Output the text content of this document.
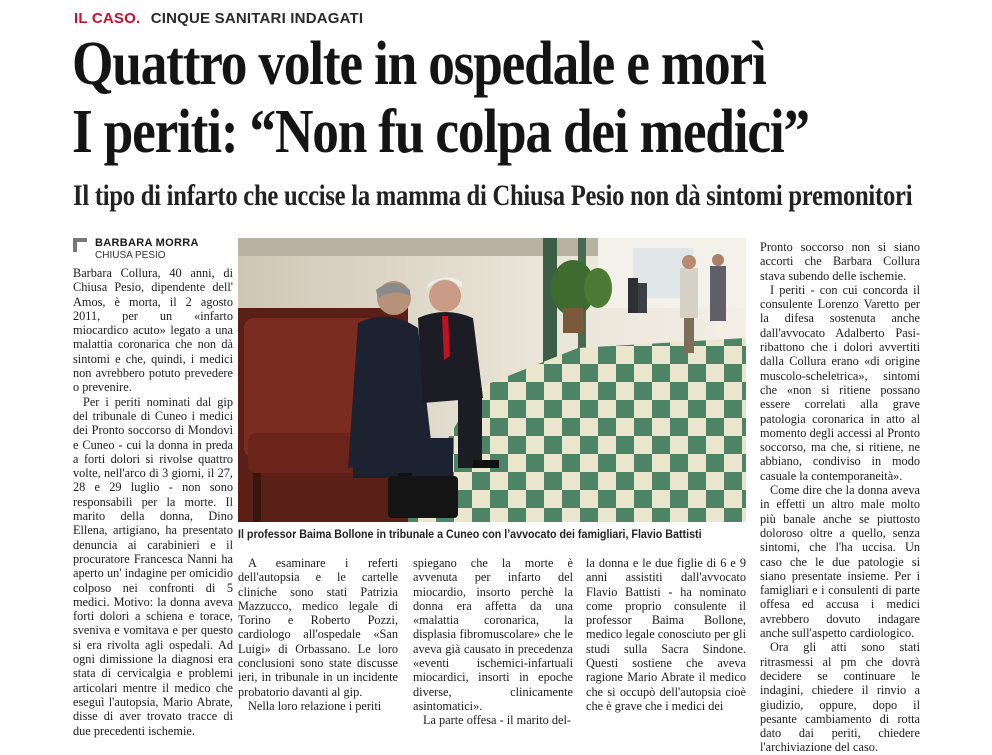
IL CASO. CINQUE SANITARI INDAGATI
Quattro volte in ospedale e morì
I periti: “Non fu colpa dei medici”
Il tipo di infarto che uccise la mamma di Chiusa Pesio non dà sintomi premonitori
BARBARA MORRA
CHIUSA PESIO

Barbara Collura, 40 anni, di Chiusa Pesio, dipendente dell' Amos, è morta, il 2 agosto 2011, per un «infarto miocardico acuto» legato a una malattia coronarica che non dà sintomi e che, quindi, i medici non avrebbero potuto prevedere o prevenire.

Per i periti nominati dal gip del tribunale di Cuneo i medici dei Pronto soccorso di Mondovì e Cuneo - cui la donna in preda a forti dolori si rivolse quattro volte, nell'arco di 3 giorni, il 27, 28 e 29 luglio - non sono responsabili per la morte. Il marito della donna, Dino Ellena, artigiano, ha presentato denuncia ai carabinieri e il procuratore Francesca Nanni ha aperto un' indagine per omicidio colposo nei confronti di 5 medici. Motivo: la donna aveva forti dolori a schiena e torace, sveniva e vomitava e per questo si era rivolta agli ospedali. Ad ogni dimissione la diagnosi era stata di cervicalgia e problemi articolari mentre il medico che eseguì l'autopsia, Mario Abrate, disse di aver trovato tracce di due precedenti ischemie.

Il professor Baima Bollone in tribunale a Cuneo con l’avvocato dei famigliari, Flavio Battisti

A esaminare i referti dell'autopsia e le cartelle cliniche sono stati Patrizia Mazzucco, medico legale di Torino e Roberto Pozzi, cardiologo all'ospedale «San Luigi» di Orbassano. Le loro conclusioni sono state discusse ieri, in tribunale in un incidente probatorio davanti al gip.

Nella loro relazione i periti

spiegano che la morte è avvenuta per infarto del miocardio, insorto perchè la donna era affetta da una «malattia coronarica, la displasia fibromuscolare» che le aveva già causato in precedenza «eventi ischemici-infartuali miocardici, insorti in epoche diverse, clinicamente asintomatici».

La parte offesa - il marito del-

la donna e le due figlie di 6 e 9 anni assistiti dall'avvocato Flavio Battisti - ha nominato come proprio consulente il professor Baima Bollone, medico legale conosciuto per gli studi sulla Sacra Sindone. Questi sostiene che aveva ragione Mario Abrate il medico che si occupò dell'autopsia cioè che è grave che i medici dei

Pronto soccorso non si siano accorti che Barbara Collura stava subendo delle ischemie.

I periti - con cui concorda il consulente Lorenzo Varetto per la difesa sostenuta anche dall'avvocato Adalberto Pasi- ribattono che i dolori avvertiti dalla Collura erano «di origine muscolo-scheletrica», sintomi che «non si ritiene possano essere correlati alla grave patologia coronarica in atto al momento degli accessi al Pronto soccorso, ma che, si ritiene, ne abbiano, condiviso in modo casuale la contemporaneità».

Come dire che la donna aveva in effetti un altro male molto più banale anche se piuttosto doloroso oltre a quello, senza sintomi, che l'ha uccisa. Un caso che le due patologie si siano presentate insieme. Per i famigliari e i consulenti di parte offesa ed accusa i medici avrebbero dovuto indagare anche sull'aspetto cardiologico.

Ora gli atti sono stati ritrasmessi al pm che dovrà decidere se continuare le indagini, chiedere il rinvio a giudizio, oppure, dopo il pesante cambiamento di rotta dato dai periti, chiedere l'archiviazione del caso.
